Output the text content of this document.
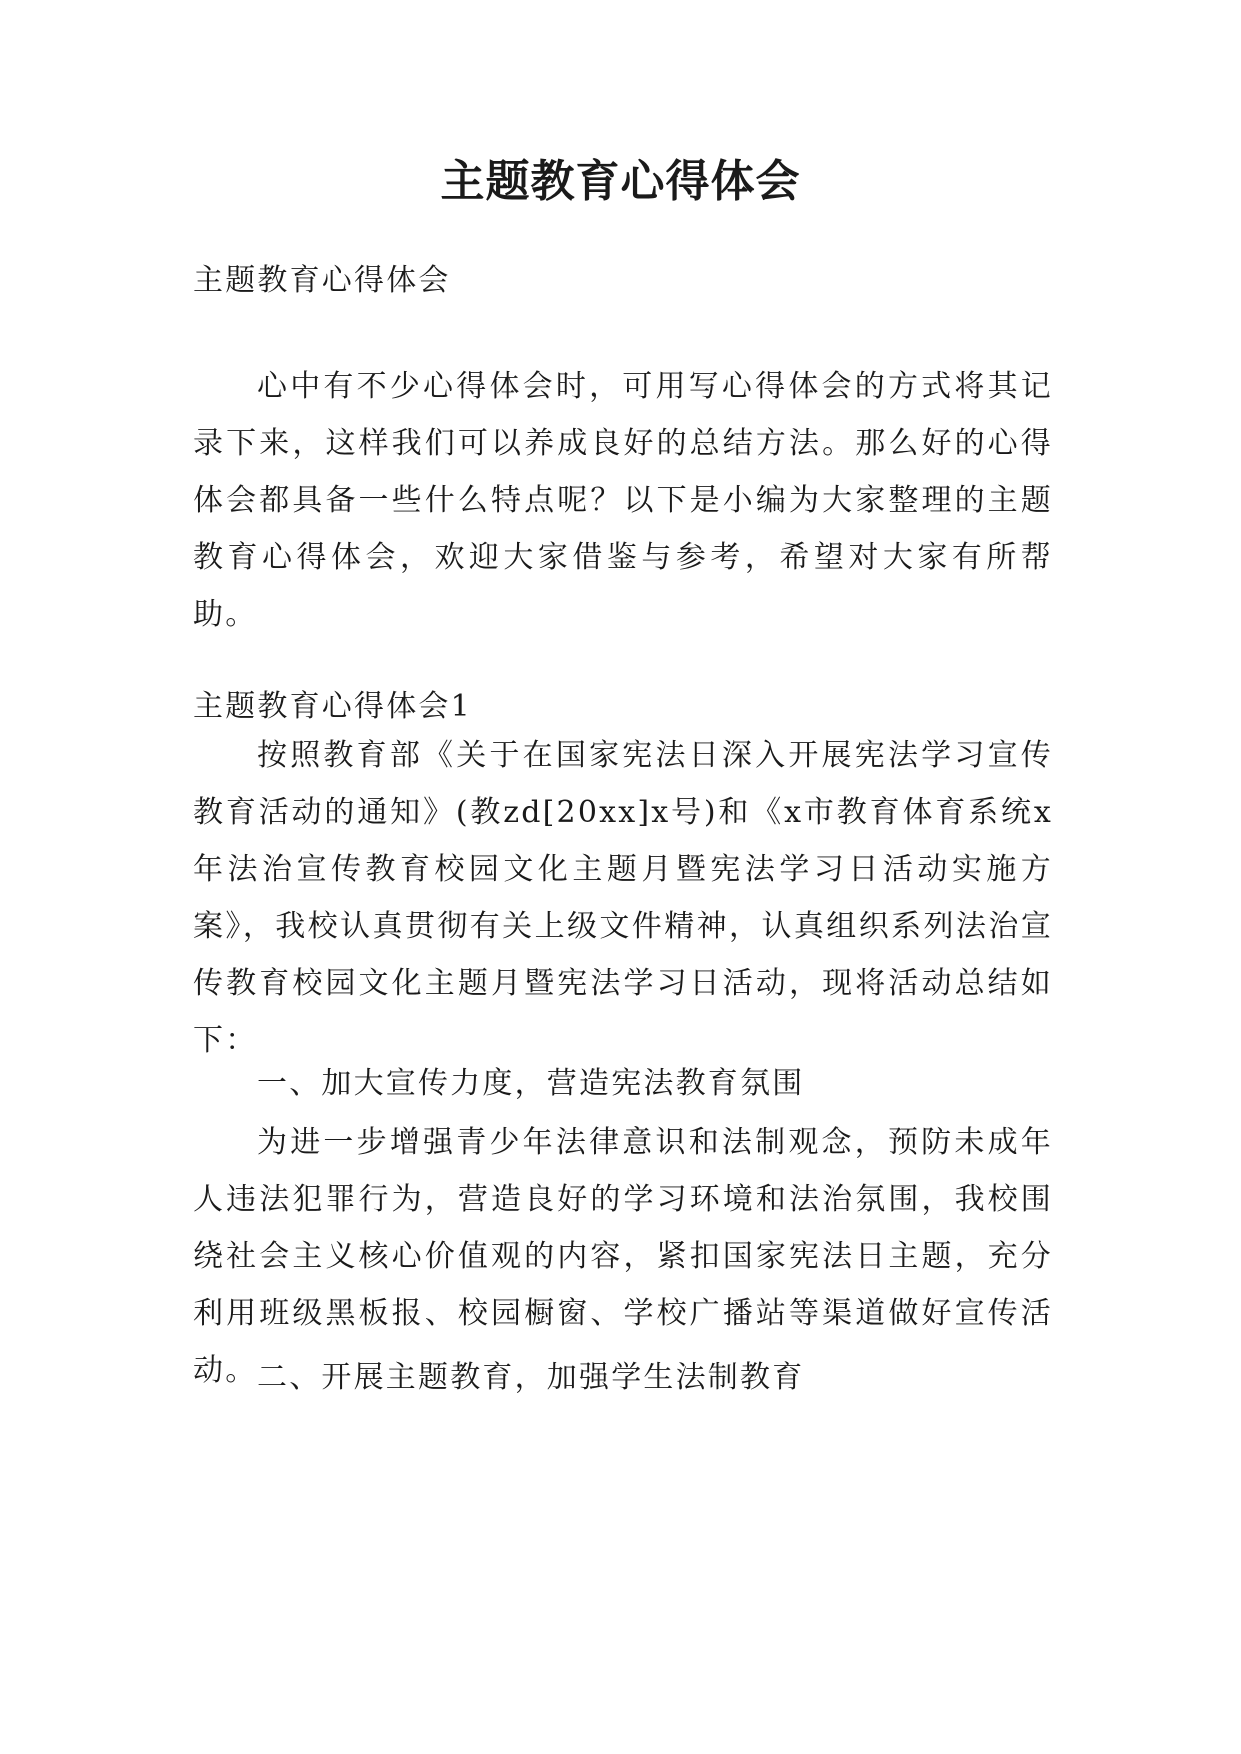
主题教育心得体会
主题教育心得体会
心中有不少心得体会时，可用写心得体会的方式将其记录下来，这样我们可以养成良好的总结方法。那么好的心得体会都具备一些什么特点呢？以下是小编为大家整理的主题教育心得体会，欢迎大家借鉴与参考，希望对大家有所帮助。
主题教育心得体会1
按照教育部《关于在国家宪法日深入开展宪法学习宣传教育活动的通知》(教zd[20xx]x号)和《x市教育体育系统x年法治宣传教育校园文化主题月暨宪法学习日活动实施方案》，我校认真贯彻有关上级文件精神，认真组织系列法治宣传教育校园文化主题月暨宪法学习日活动，现将活动总结如下：
一、加大宣传力度，营造宪法教育氛围
为进一步增强青少年法律意识和法制观念，预防未成年人违法犯罪行为，营造良好的学习环境和法治氛围，我校围绕社会主义核心价值观的内容，紧扣国家宪法日主题，充分利用班级黑板报、校园橱窗、学校广播站等渠道做好宣传活动。 二、开展主题教育，加强学生法制教育
